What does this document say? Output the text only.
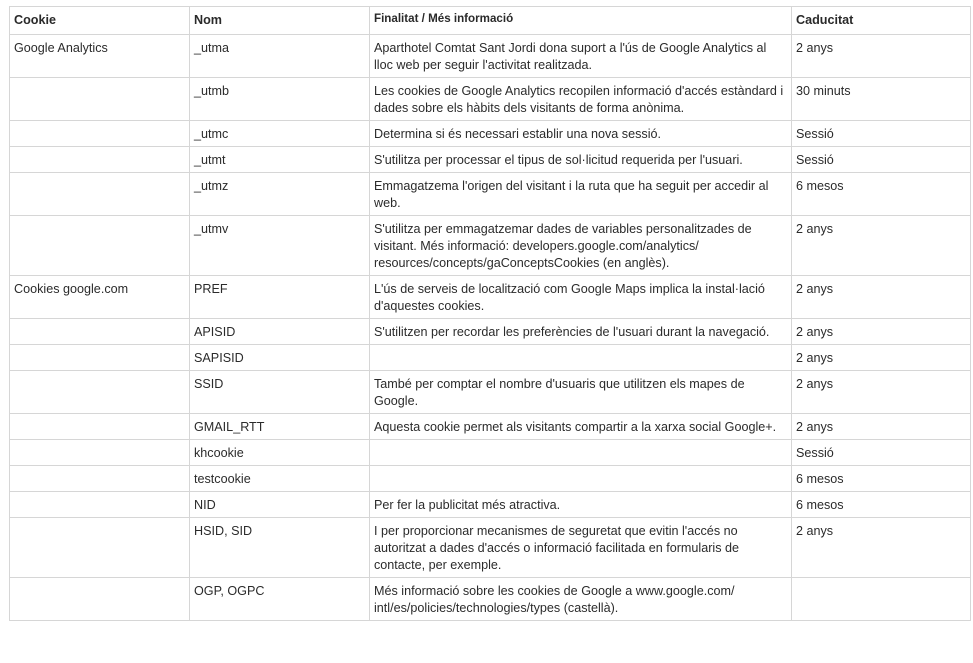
Cookie	Nom	Finalitat / Més informació	Caducitat
Google Analytics	_utma	Aparthotel Comtat Sant Jordi dona suport a l'ús de Google Analytics al lloc web per seguir l'activitat realitzada.	2 anys
	_utmb	Les cookies de Google Analytics recopilen informació d'accés estàndard i dades sobre els hàbits dels visitants de forma anònima.	30 minuts
	_utmc	Determina si és necessari establir una nova sessió.	Sessió
	_utmt	S'utilitza per processar el tipus de sol·licitud requerida per l'usuari.	Sessió
	_utmz	Emmagatzema l'origen del visitant i la ruta que ha seguit per accedir al web.	6 mesos
	_utmv	S'utilitza per emmagatzemar dades de variables personalitzades de visitant. Més informació: developers.google.com/analytics/ resources/concepts/gaConceptsCookies (en anglès).	2 anys
Cookies google.com	PREF	L'ús de serveis de localització com Google Maps implica la instal·lació d'aquestes cookies.	2 anys
	APISID	S'utilitzen per recordar les preferències de l'usuari durant la navegació.	2 anys
	SAPISID		2 anys
	SSID	També per comptar el nombre d'usuaris que utilitzen els mapes de Google.	2 anys
	GMAIL_RTT	Aquesta cookie permet als visitants compartir a la xarxa social Google+.	2 anys
	khcookie		Sessió
	testcookie		6 mesos
	NID	Per fer la publicitat més atractiva.	6 mesos
	HSID, SID	I per proporcionar mecanismes de seguretat que evitin l'accés no autoritzat a dades d'accés o informació facilitada en formularis de contacte, per exemple.	2 anys
	OGP, OGPC	Més informació sobre les cookies de Google a www.google.com/ intl/es/policies/technologies/types (castellà).	
